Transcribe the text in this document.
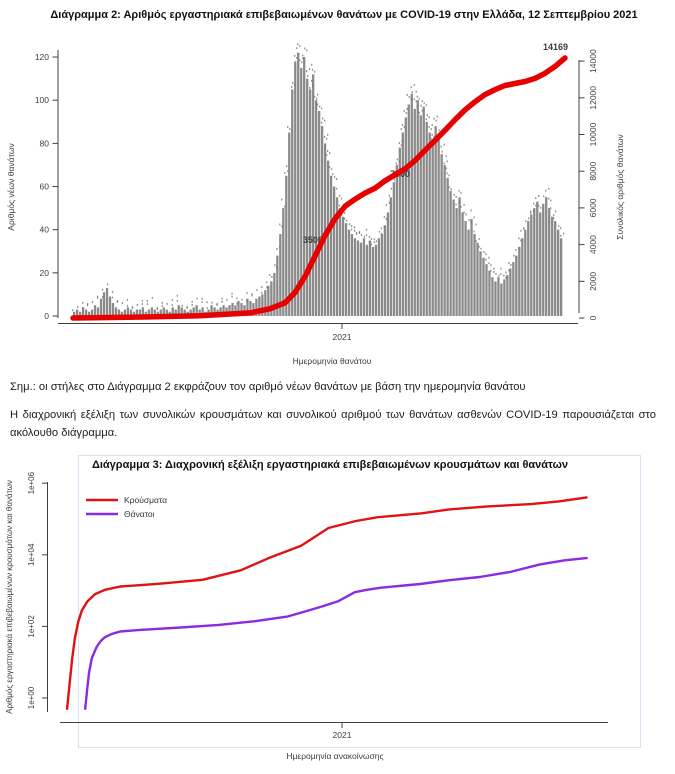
Διάγραμμα 2: Αριθμός εργαστηριακά επιβεβαιωμένων θανάτων με COVID-19 στην Ελλάδα, 12 Σεπτεμβρίου 2021
0
20
40
60
80
100
120
0
2000
4000
6000
8000
10000
12000
14000
3500
7000
14169
Αριθμός νέων θανάτων	Συνολικός αριθμός θανάτων
2021
Ημερομηνία θανάτου
Σημ.: οι στήλες στο Διάγραμμα 2 εκφράζουν τον αριθμό νέων θανάτων με βάση την ημερομηνία θανάτου
Η διαχρονική εξέλιξη των συνολικών κρουσμάτων και συνολικού αριθμού των θανάτων ασθενών COVID-19 παρουσιάζεται στο ακόλουθο διάγραμμα.
Διάγραμμα 3: Διαχρονική εξέλιξη εργαστηριακά επιβεβαιωμένων κρουσμάτων και θανάτων
1e+00
1e+02
1e+04
1e+06
Κρούσματα
Θάνατοι
Αριθμός εργαστηριακά επιβεβαιωμένων κρουσμάτων και θανάτων
2021
Ημερομηνία ανακοίνωσης
